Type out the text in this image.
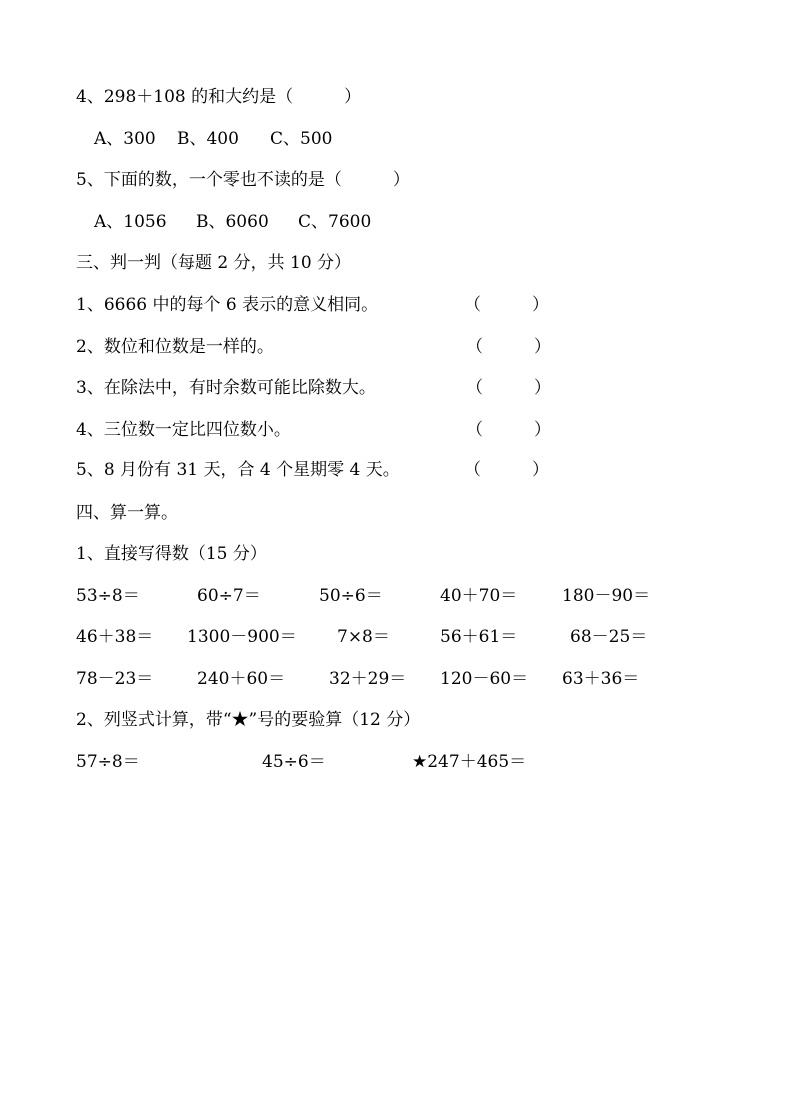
4、298＋108 的和大约是（　　　）
A、300 B、400 C、500
5、下面的数，一个零也不读的是（　　　）
A、1056 B、6060 C、7600
三、判一判（每题 2 分，共 10 分）
1、6666 中的每个 6 表示的意义相同。	（　　　）
2、数位和位数是一样的。	（　　　）
3、在除法中，有时余数可能比除数大。	（　　　）
4、三位数一定比四位数小。	（　　　）
5、8 月份有 31 天，合 4 个星期零 4 天。	（　　　）
四、算一算。
1、直接写得数（15 分）
53÷8＝	60÷7＝	50÷6＝	40＋70＝	180－90＝
46＋38＝ 1300－900＝ 7×8＝	56＋61＝	68－25＝
78－23＝	240＋60＝	32＋29＝ 120－60＝ 63＋36＝
2、列竖式计算，带“★”号的要验算（12 分）
57÷8＝	45÷6＝	★247＋465＝
